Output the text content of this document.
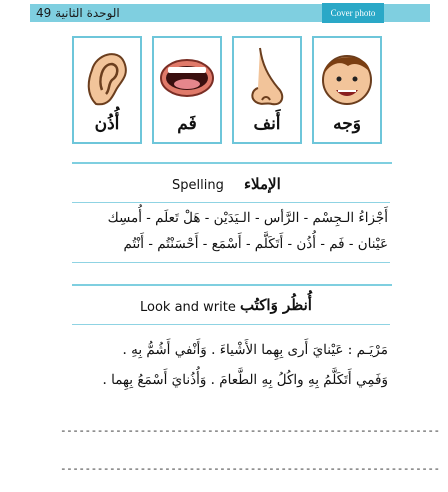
الوحدة الثانية 49	Cover photo
أُذُن	فَم	أَنف	وَجه
Spelling الإملاء
أَجْزاءُ الـجِسْم - الرَّأس - الـيَدَيْن - هَلْ تَعلَم - أُمسِك
عَيْنان - فَم - أُذُن - أَتَكَلَّم - أَسْمَع - أَحْسَنْتُم - أَنْتُم
Look and write أُنظُر وَاكتُب
مَرْيَـم : عَيْنايَ أَرى بِهِما الأَشْياءَ . وَأَنْفي أَشُمُّ بِهِ .
وَفَمِي أَتَكَلَّمُ بِهِ واكُلُ بِهِ الطَّعامَ . وَأُذُنايَ أَسْمَعُ بِهِما .
--------------------------------------------------------------
--------------------------------------------------------------
